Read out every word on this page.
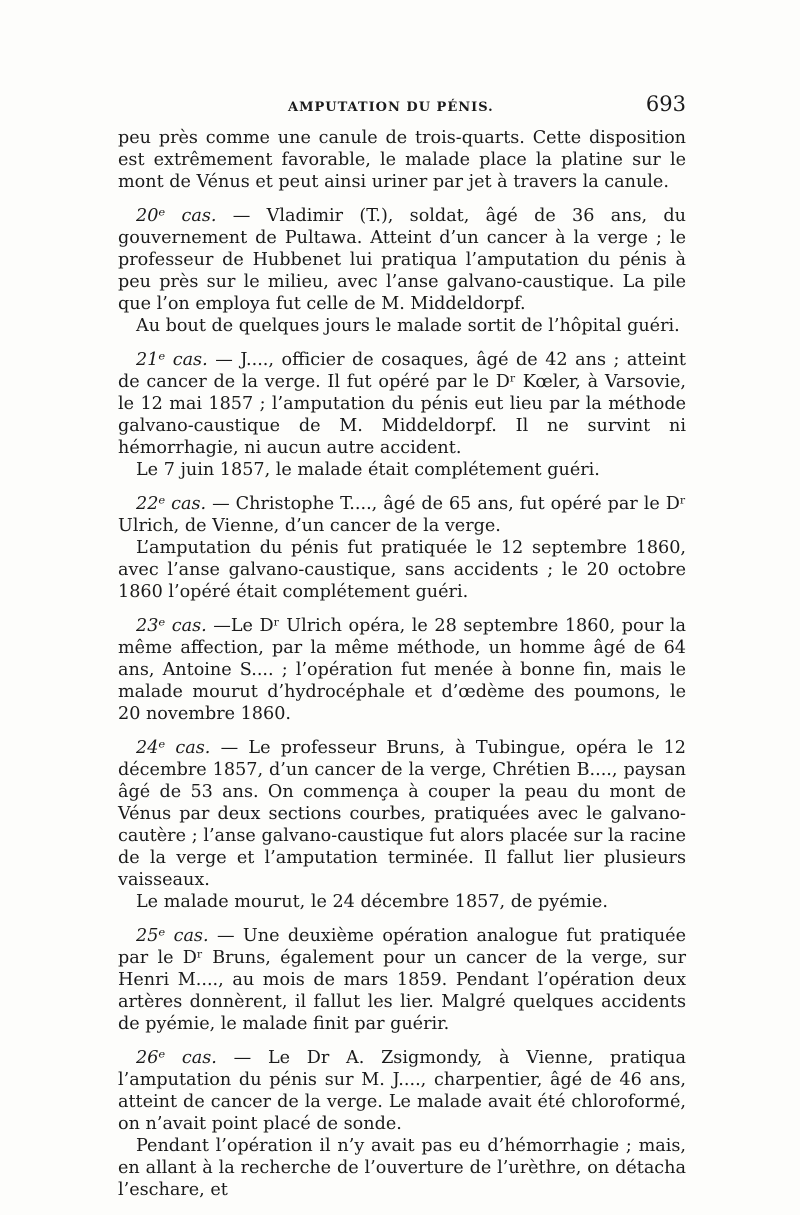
AMPUTATION DU PÉNIS.	693

peu près comme une canule de trois-quarts. Cette disposition est extrêmement favorable, le malade place la platine sur le mont de Vénus et peut ainsi uriner par jet à travers la canule.

20ᵉ cas. — Vladimir (T.), soldat, âgé de 36 ans, du gouvernement de Pultawa. Atteint d’un cancer à la verge ; le professeur de Hubbenet lui pratiqua l’amputation du pénis à peu près sur le milieu, avec l’anse galvano-caustique. La pile que l’on employa fut celle de M. Middeldorpf.

Au bout de quelques jours le malade sortit de l’hôpital guéri.

21ᵉ cas. — J...., officier de cosaques, âgé de 42 ans ; atteint de cancer de la verge. Il fut opéré par le Dʳ Kœler, à Varsovie, le 12 mai 1857 ; l’amputation du pénis eut lieu par la méthode galvano-caustique de M. Middeldorpf. Il ne survint ni hémorrhagie, ni aucun autre accident.

Le 7 juin 1857, le malade était complétement guéri.

22ᵉ cas. — Christophe T...., âgé de 65 ans, fut opéré par le Dʳ Ulrich, de Vienne, d’un cancer de la verge.

L’amputation du pénis fut pratiquée le 12 septembre 1860, avec l’anse galvano-caustique, sans accidents ; le 20 octobre 1860 l’opéré était complétement guéri.

23ᵉ cas. —Le Dʳ Ulrich opéra, le 28 septembre 1860, pour la même affection, par la même méthode, un homme âgé de 64 ans, Antoine S.... ; l’opération fut menée à bonne fin, mais le malade mourut d’hydrocéphale et d’œdème des poumons, le 20 novembre 1860.

24ᵉ cas. — Le professeur Bruns, à Tubingue, opéra le 12 décembre 1857, d’un cancer de la verge, Chrétien B...., paysan âgé de 53 ans. On commença à couper la peau du mont de Vénus par deux sections courbes, pratiquées avec le galvano-cautère ; l’anse galvano-caustique fut alors placée sur la racine de la verge et l’amputation terminée. Il fallut lier plusieurs vaisseaux.

Le malade mourut, le 24 décembre 1857, de pyémie.

25ᵉ cas. — Une deuxième opération analogue fut pratiquée par le Dʳ Bruns, également pour un cancer de la verge, sur Henri M...., au mois de mars 1859. Pendant l’opération deux artères donnèrent, il fallut les lier. Malgré quelques accidents de pyémie, le malade finit par guérir.

26ᵉ cas. — Le Dr A. Zsigmondy, à Vienne, pratiqua l’amputation du pénis sur M. J...., charpentier, âgé de 46 ans, atteint de cancer de la verge. Le malade avait été chloroformé, on n’avait point placé de sonde.

Pendant l’opération il n’y avait pas eu d’hémorrhagie ; mais, en allant à la recherche de l’ouverture de l’urèthre, on détacha l’eschare, et
